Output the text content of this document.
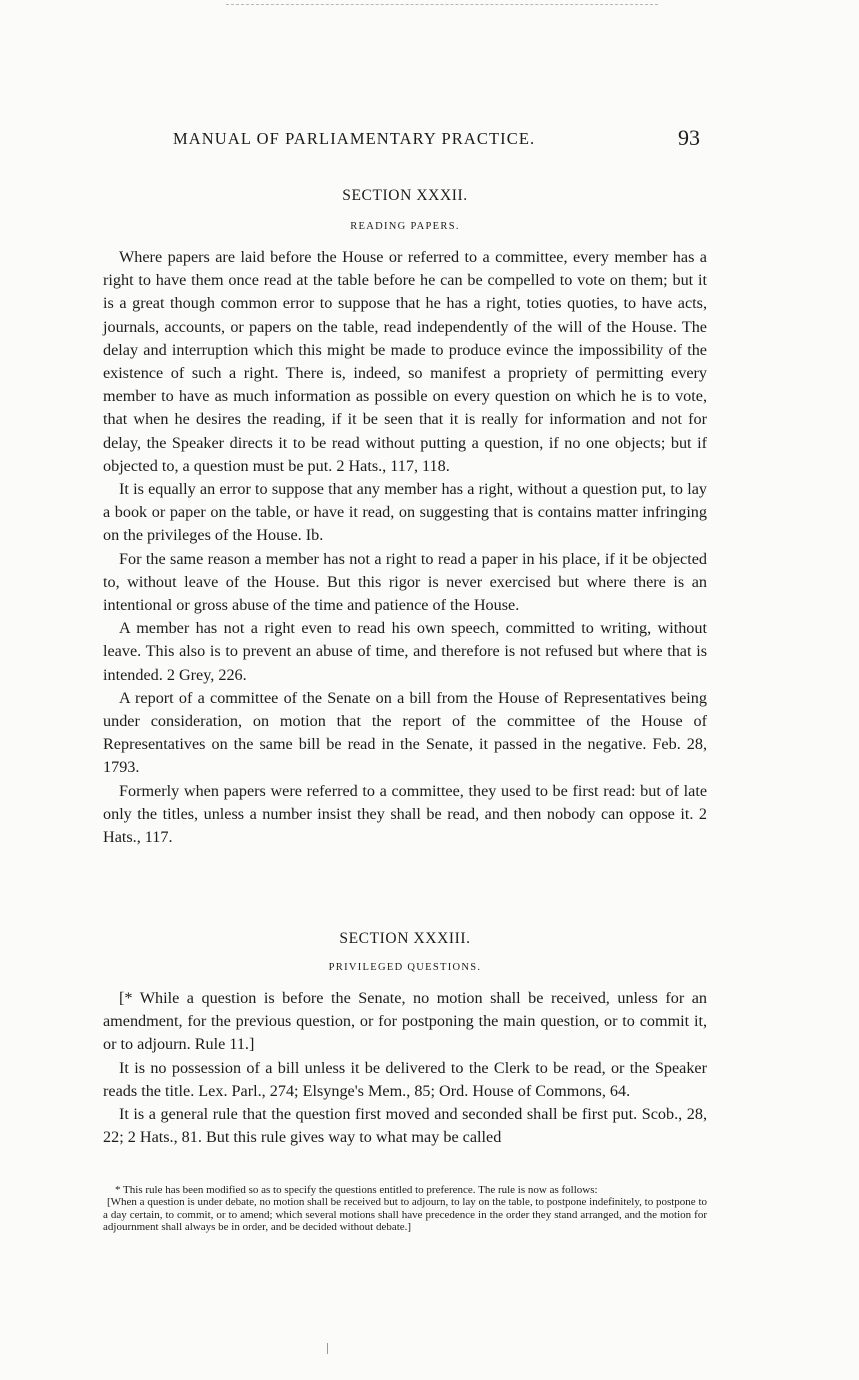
MANUAL OF PARLIAMENTARY PRACTICE.	93

SECTION XXXII.

READING PAPERS.

Where papers are laid before the House or referred to a committee, every member has a right to have them once read at the table before he can be compelled to vote on them; but it is a great though common error to suppose that he has a right, toties quoties, to have acts, journals, accounts, or papers on the table, read independently of the will of the House. The delay and interruption which this might be made to produce evince the impossibility of the existence of such a right. There is, indeed, so manifest a propriety of permitting every member to have as much information as possible on every question on which he is to vote, that when he desires the reading, if it be seen that it is really for information and not for delay, the Speaker directs it to be read without putting a question, if no one objects; but if objected to, a question must be put. 2 Hats., 117, 118.

It is equally an error to suppose that any member has a right, without a question put, to lay a book or paper on the table, or have it read, on suggesting that is contains matter infringing on the privileges of the House. Ib.

For the same reason a member has not a right to read a paper in his place, if it be objected to, without leave of the House. But this rigor is never exercised but where there is an intentional or gross abuse of the time and patience of the House.

A member has not a right even to read his own speech, committed to writing, without leave. This also is to prevent an abuse of time, and therefore is not refused but where that is intended. 2 Grey, 226.

A report of a committee of the Senate on a bill from the House of Representatives being under consideration, on motion that the report of the committee of the House of Representatives on the same bill be read in the Senate, it passed in the negative. Feb. 28, 1793.

Formerly when papers were referred to a committee, they used to be first read: but of late only the titles, unless a number insist they shall be read, and then nobody can oppose it. 2 Hats., 117.

SECTION XXXIII.

PRIVILEGED QUESTIONS.

[* While a question is before the Senate, no motion shall be received, unless for an amendment, for the previous question, or for postponing the main question, or to commit it, or to adjourn. Rule 11.]

It is no possession of a bill unless it be delivered to the Clerk to be read, or the Speaker reads the title. Lex. Parl., 274; Elsynge's Mem., 85; Ord. House of Commons, 64.

It is a general rule that the question first moved and seconded shall be first put. Scob., 28, 22; 2 Hats., 81. But this rule gives way to what may be called

* This rule has been modified so as to specify the questions entitled to preference. The rule is now as follows:

[When a question is under debate, no motion shall be received but to adjourn, to lay on the table, to postpone indefinitely, to postpone to a day certain, to commit, or to amend; which several motions shall have precedence in the order they stand arranged, and the motion for adjournment shall always be in order, and be decided without debate.]
